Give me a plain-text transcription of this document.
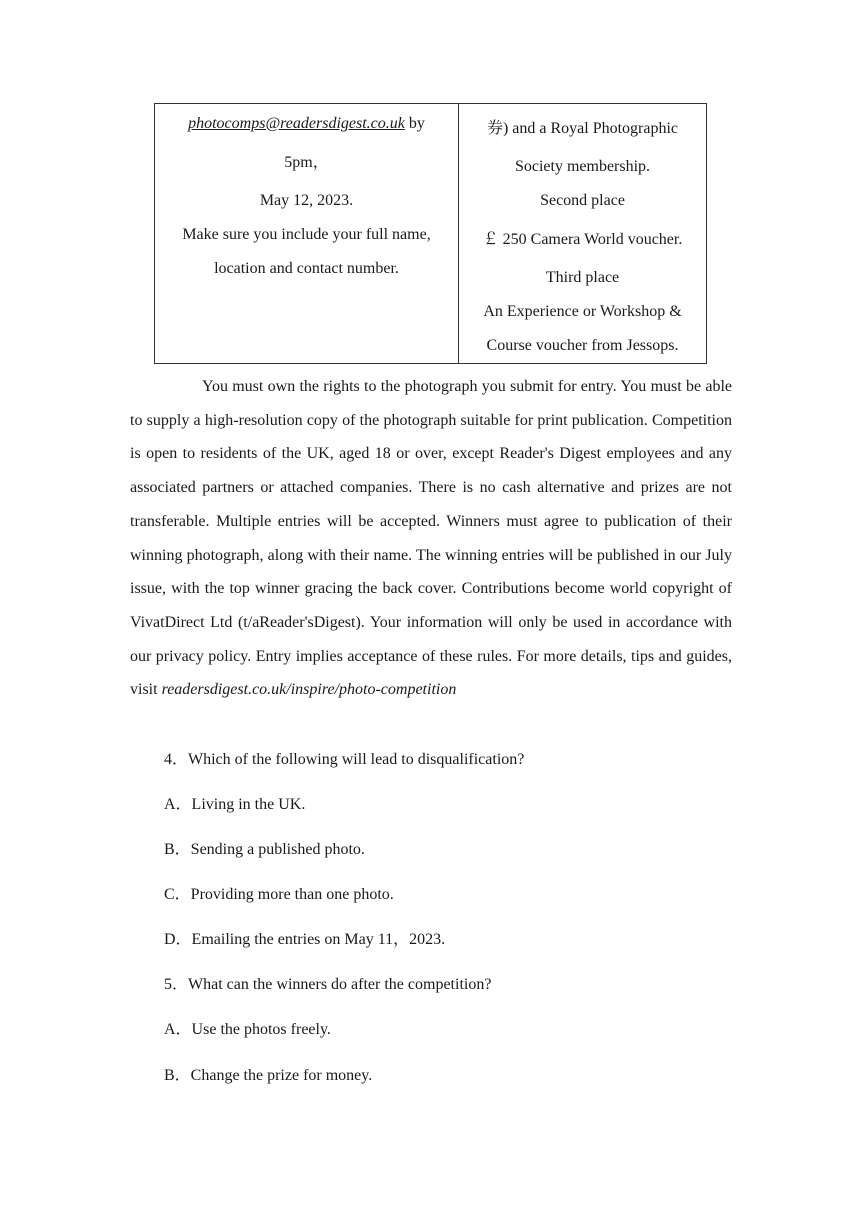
photocomps@readersdigest.co.uk by
5pm，
May 12, 2023.
Make sure you include your full name,
location and contact number.

券) and a Royal Photographic
Society membership.
Second place
￡ 250 Camera World voucher.
Third place
An Experience or Workshop &
Course voucher from Jessops.

You must own the rights to the photograph you submit for entry. You must be able to supply a high-resolution copy of the photograph suitable for print publication. Competition is open to residents of the UK, aged 18 or over, except Reader's Digest employees and any associated partners or attached companies. There is no cash alternative and prizes are not transferable. Multiple entries will be accepted. Winners must agree to publication of their winning photograph, along with their name. The winning entries will be published in our July issue, with the top winner gracing the back cover. Contributions become world copyright of VivatDirect Ltd (t/aReader'sDigest). Your information will only be used in accordance with our privacy policy. Entry implies acceptance of these rules. For more details, tips and guides, visit readersdigest.co.uk/inspire/photo-competition

4．Which of the following will lead to disqualification?

A．Living in the UK.

B．Sending a published photo.

C．Providing more than one photo.

D．Emailing the entries on May 11，2023.

5．What can the winners do after the competition?

A．Use the photos freely.

B．Change the prize for money.
